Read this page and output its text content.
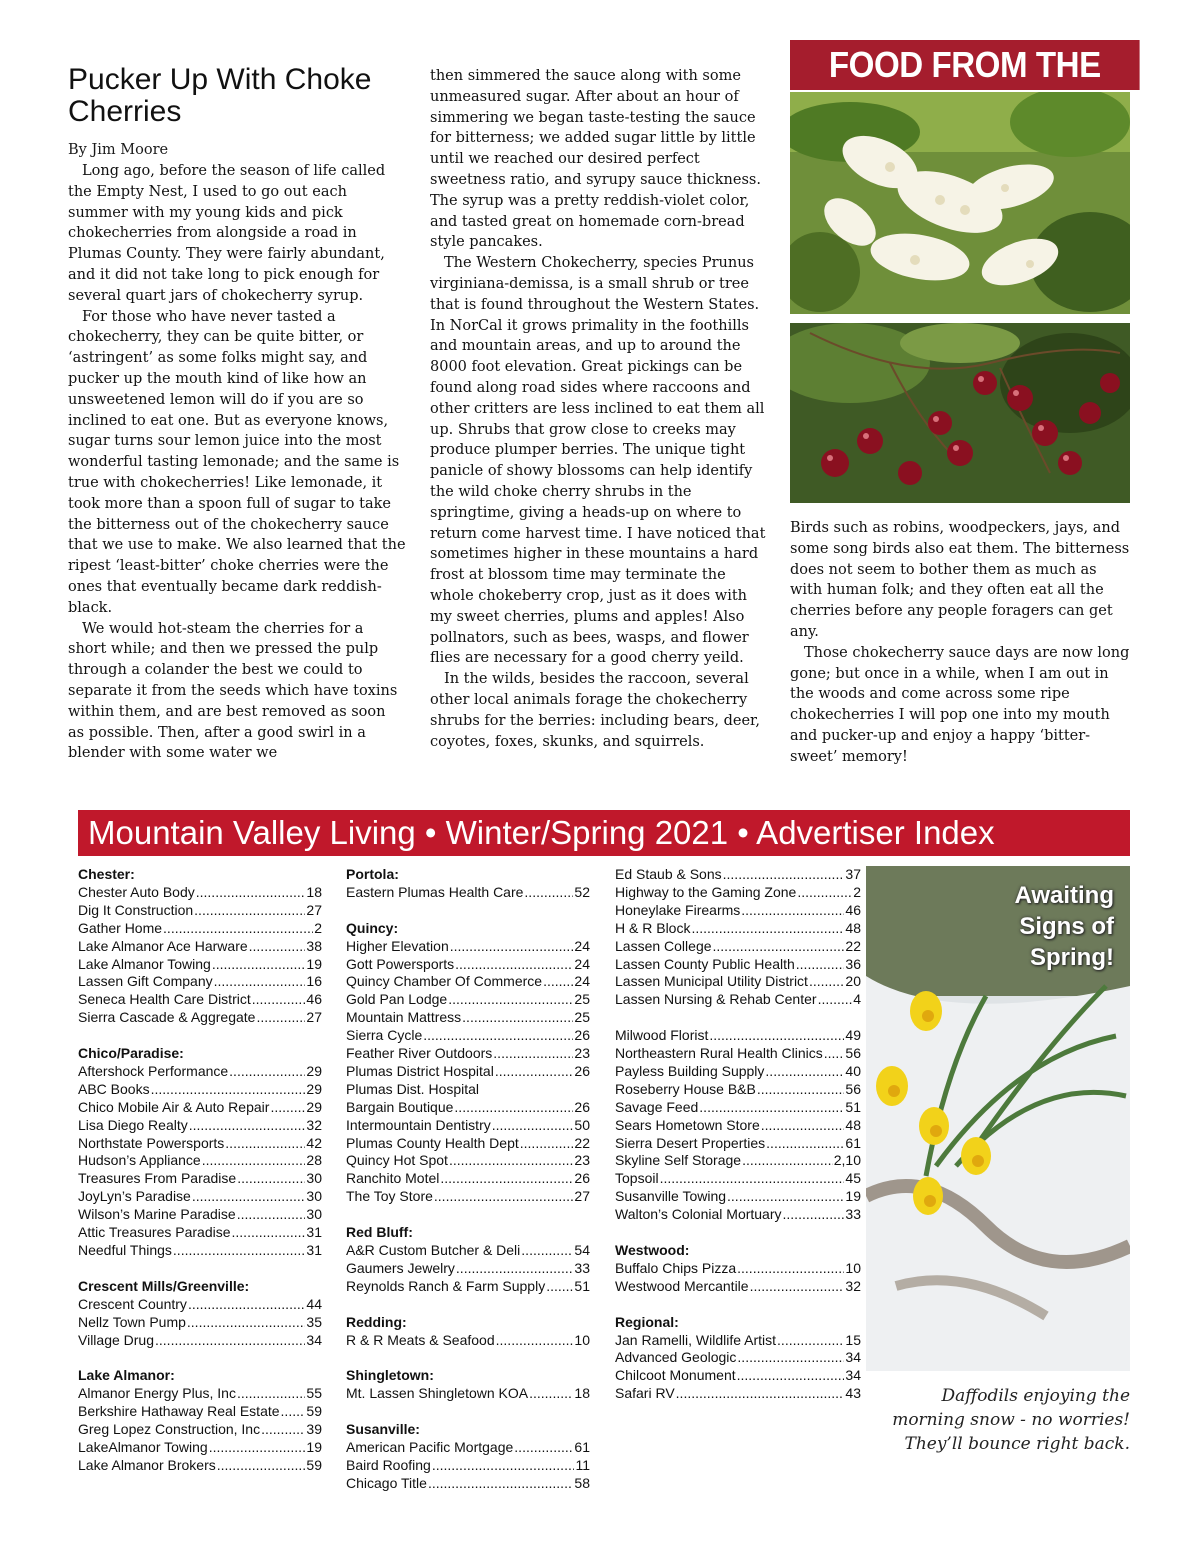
Pucker Up With Choke Cherries
By Jim Moore

Long ago, before the season of life called the Empty Nest, I used to go out each summer with my young kids and pick chokecherries from alongside a road in Plumas County. They were fairly abundant, and it did not take long to pick enough for several quart jars of chokecherry syrup.

For those who have never tasted a chokecherry, they can be quite bitter, or ‘astringent’ as some folks might say, and pucker up the mouth kind of like how an unsweetened lemon will do if you are so inclined to eat one. But as everyone knows, sugar turns sour lemon juice into the most wonderful tasting lemonade; and the same is true with chokecherries! Like lemonade, it took more than a spoon full of sugar to take the bitterness out of the chokecherry sauce that we use to make. We also learned that the ripest ‘least-bitter’ choke cherries were the ones that eventually became dark reddish-black.

We would hot-steam the cherries for a short while; and then we pressed the pulp through a colander the best we could to separate it from the seeds which have toxins within them, and are best removed as soon as possible. Then, after a good swirl in a blender with some water we

then simmered the sauce along with some unmeasured sugar. After about an hour of simmering we began taste-testing the sauce for bitterness; we added sugar little by little until we reached our desired perfect sweetness ratio, and syrupy sauce thickness. The syrup was a pretty reddish-violet color, and tasted great on homemade corn-bread style pancakes.

The Western Chokecherry, species Prunus virginiana-demissa, is a small shrub or tree that is found throughout the Western States. In NorCal it grows primality in the foothills and mountain areas, and up to around the 8000 foot elevation. Great pickings can be found along road sides where raccoons and other critters are less inclined to eat them all up. Shrubs that grow close to creeks may produce plumper berries. The unique tight panicle of showy blossoms can help identify the wild choke cherry shrubs in the springtime, giving a heads-up on where to return come harvest time. I have noticed that sometimes higher in these mountains a hard frost at blossom time may terminate the whole chokeberry crop, just as it does with my sweet cherries, plums and apples! Also pollnators, such as bees, wasps, and flower flies are necessary for a good cherry yeild.

In the wilds, besides the raccoon, several other local animals forage the chokecherry shrubs for the berries: including bears, deer, coyotes, foxes, skunks, and squirrels.

Birds such as robins, woodpeckers, jays, and some song birds also eat them. The bitterness does not seem to bother them as much as with human folk; and they often eat all the cherries before any people foragers can get any.

Those chokecherry sauce days are now long gone; but once in a while, when I am out in the woods and come across some ripe chokecherries I will pop one into my mouth and pucker-up and enjoy a happy ‘bitter-sweet’ memory!

FOOD FROM THE
Mountain Valley Living • Winter/Spring 2021 • Advertiser Index
Chester:
Chester Auto Body .....	18
Dig It Construction .....	27
Gather Home .....	2
Lake Almanor Ace Harware .....	38
Lake Almanor Towing .....	19
Lassen Gift Company .....	16
Seneca Health Care District .....	46
Sierra Cascade & Aggregate .....	27
Chico/Paradise:
Aftershock Performance .....	29
ABC Books .....	29
Chico Mobile Air & Auto Repair .....	29
Lisa Diego Realty .....	32
Northstate Powersports .....	42
Hudson’s Appliance .....	28
Treasures From Paradise .....	30
JoyLyn’s Paradise .....	30
Wilson’s Marine Paradise .....	30
Attic Treasures Paradise .....	31
Needful Things .....	31
Crescent Mills/Greenville:
Crescent Country .....	44
Nellz Town Pump .....	35
Village Drug .....	34
Lake Almanor:
Almanor Energy Plus, Inc .....	55
Berkshire Hathaway Real Estate ..... 59
Greg Lopez Construction, Inc .....	39
LakeAlmanor Towing .....	19
Lake Almanor Brokers .....	59
Portola:
Eastern Plumas Health Care .....	52
Quincy:
Higher Elevation .....	24
Gott Powersports .....	24
Quincy Chamber Of Commerce ..... 24
Gold Pan Lodge .....	25
Mountain Mattress .....	25
Sierra Cycle .....	26
Feather River Outdoors .....	23
Plumas District Hospital .....	26
Plumas Dist. Hospital
Bargain Boutique .....	26
Intermountain Dentistry .....	50
Plumas County Health Dept .....	22
Quincy Hot Spot .....	23
Ranchito Motel .....	26
The Toy Store .....	27
Red Bluff:
A&R Custom Butcher & Deli .....	54
Gaumers Jewelry .....	33
Reynolds Ranch & Farm Supply ..... 51
Redding:
R & R Meats & Seafood .....	10
Shingletown:
Mt. Lassen Shingletown KOA .....	18
Susanville:
American Pacific Mortgage .....	61
Baird Roofing .....	11
Chicago Title .....	58
Ed Staub & Sons .....	37
Highway to the Gaming Zone .....	2
Honeylake Firearms .....	46
H & R Block .....	48
Lassen College .....	22
Lassen County Public Health .....	36
Lassen Municipal Utility District .....	20
Lassen Nursing & Rehab Center .....	4
Milwood Florist .....	49
Northeastern Rural Health Clinics ..... 56
Payless Building Supply .....	40
Roseberry House B&B .....	56
Savage Feed .....	51
Sears Hometown Store .....	48
Sierra Desert Properties .....	61
Skyline Self Storage .....	2,10
Topsoil .....	45
Susanville Towing .....	19
Walton’s Colonial Mortuary .....	33
Westwood:
Buffalo Chips Pizza .....	10
Westwood Mercantile .....	32
Regional:
Jan Ramelli, Wildlife Artist .....	15
Advanced Geologic .....	34
Chilcoot Monument .....	34
Safari RV .....	43
Awaiting Signs of Spring!
Daffodils enjoying the morning snow - no worries! They’ll bounce right back.
